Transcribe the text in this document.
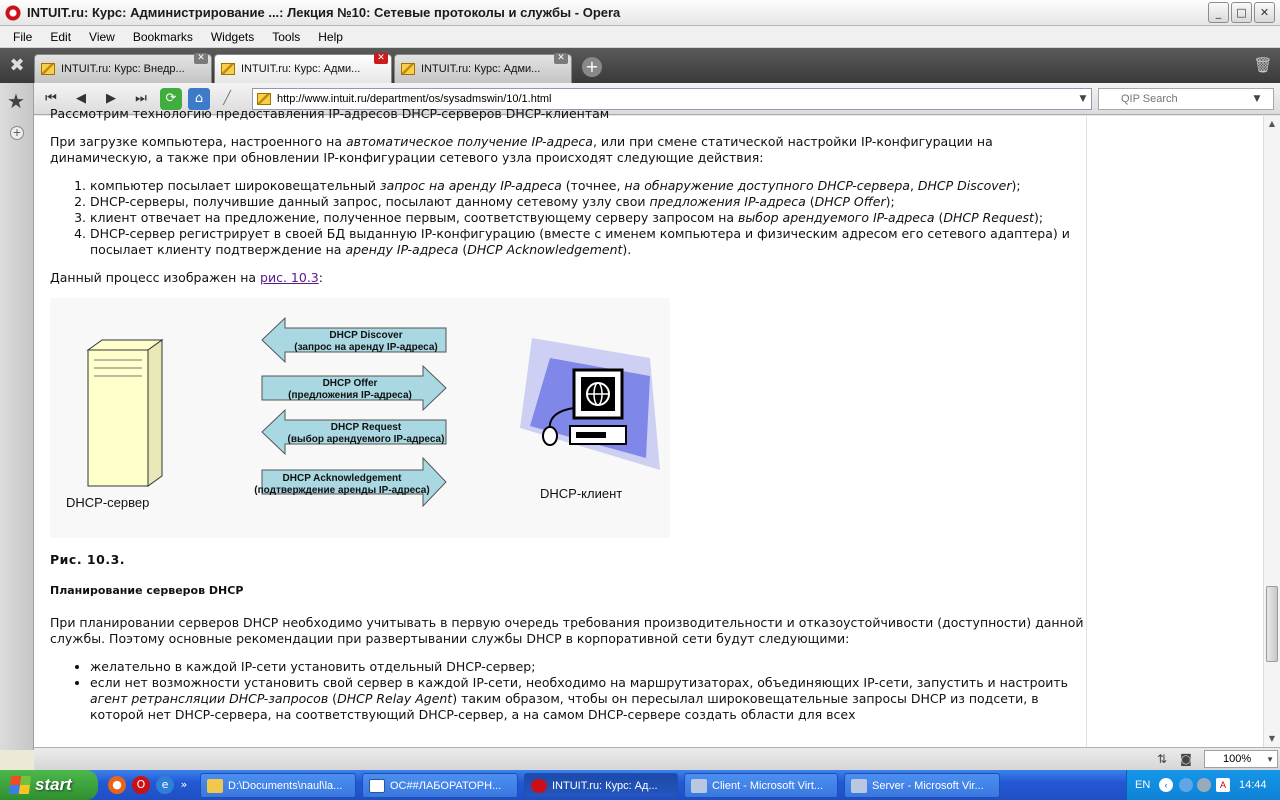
INTUIT.ru: Курс: Администрирование ...: Лекция №10: Сетевые протоколы и службы - Opera	_	□	✕
File	Edit	View	Bookmarks	Widgets	Tools	Help
✖	INTUIT.ru: Курс: Внедр...
✕
INTUIT.ru: Курс: Адми...
✕
INTUIT.ru: Курс: Адми...
✕ +	🗑
★
+
⏮	◀	▶	⏭	⟳	⌂	╱	http://www.intuit.ru/department/os/sysadmswin/10/1.html	▼
QIP Search	▼

Рассмотрим технологию предоставления IP-адресов DHCP-серверов DHCP-клиентам

При загрузке компьютера, настроенного на автоматическое получение IP-адреса, или при смене статической настройки IP-конфигурации на динамическую, а также при обновлении IP-конфигурации сетевого узла происходят следующие действия:

1. компьютер посылает широковещательный запрос на аренду IP-адреса (точнее, на обнаружение доступного DHCP-сервера, DHCP Discover);
2. DHCP-серверы, получившие данный запрос, посылают данному сетевому узлу свои предложения IP-адреса (DHCP Offer);
3. клиент отвечает на предложение, полученное первым, соответствующему серверу запросом на выбор арендуемого IP-адреса (DHCP Request);
4. DHCP-сервер регистрирует в своей БД выданную IP-конфигурацию (вместе с именем компьютера и физическим адресом его сетевого адаптера) и посылает клиенту подтверждение на аренду IP-адреса (DHCP Acknowledgement).

Данный процесс изображен на рис. 10.3:

DHCP-сервер
DHCP Discover
(запрос на аренду IP-адреса)
DHCP Offer
(предложения IP-адреса)
DHCP Request
(выбор арендуемого IP-адреса)
DHCP Acknowledgement
(подтверждение аренды IP-адреса)	DHCP-клиент

Рис. 10.3.

Планирование серверов DHCP

При планировании серверов DHCP необходимо учитывать в первую очередь требования производительности и отказоустойчивости (доступности) данной службы. Поэтому основные рекомендации при развертывании службы DHCP в корпоративной сети будут следующими:

• желательно в каждой IP-сети установить отдельный DHCP-сервер;
• если нет возможности установить свой сервер в каждой IP-сети, необходимо на маршрутизаторах, объединяющих IP-сети, запустить и настроить агент ретрансляции DHCP-запросов (DHCP Relay Agent) таким образом, чтобы он пересылал широковещательные запросы DHCP из подсети, в которой нет DHCP-сервера, на соответствующий DHCP-сервер, а на самом DHCP-сервере создать области для всех
▲
▼
⇅ ◙	100% ▼
start	●	O	e	»	D:\Documents\naul\la...	ОС##ЛАБОРАТОРН...	INTUIT.ru: Курс: Ад...	Client - Microsoft Virt...	Server - Microsoft Vir...	EN	‹	A	14:44
